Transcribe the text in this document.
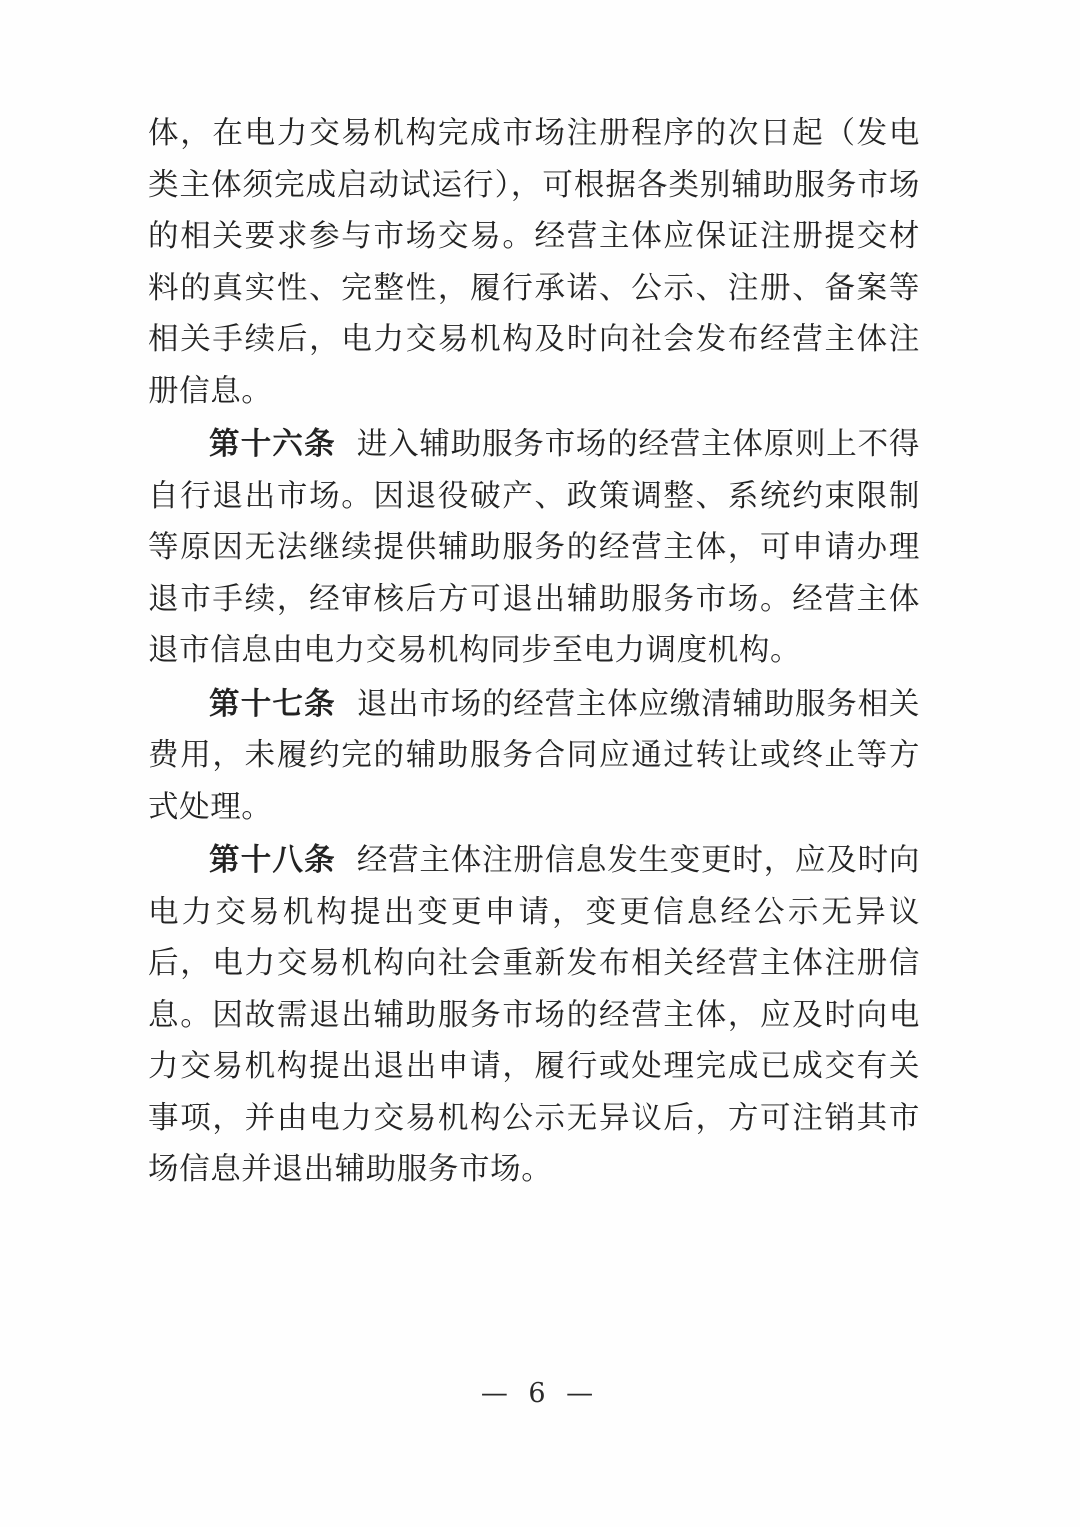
体，在电力交易机构完成市场注册程序的次日起（发电类主体须完成启动试运行），可根据各类别辅助服务市场的相关要求参与市场交易。经营主体应保证注册提交材料的真实性、完整性，履行承诺、公示、注册、备案等相关手续后，电力交易机构及时向社会发布经营主体注册信息。

第十六条 进入辅助服务市场的经营主体原则上不得自行退出市场。因退役破产、政策调整、系统约束限制等原因无法继续提供辅助服务的经营主体，可申请办理退市手续，经审核后方可退出辅助服务市场。经营主体退市信息由电力交易机构同步至电力调度机构。

第十七条 退出市场的经营主体应缴清辅助服务相关费用，未履约完的辅助服务合同应通过转让或终止等方式处理。

第十八条 经营主体注册信息发生变更时，应及时向电力交易机构提出变更申请，变更信息经公示无异议后，电力交易机构向社会重新发布相关经营主体注册信息。因故需退出辅助服务市场的经营主体，应及时向电力交易机构提出退出申请，履行或处理完成已成交有关事项，并由电力交易机构公示无异议后，方可注销其市场信息并退出辅助服务市场。

— 6 —
